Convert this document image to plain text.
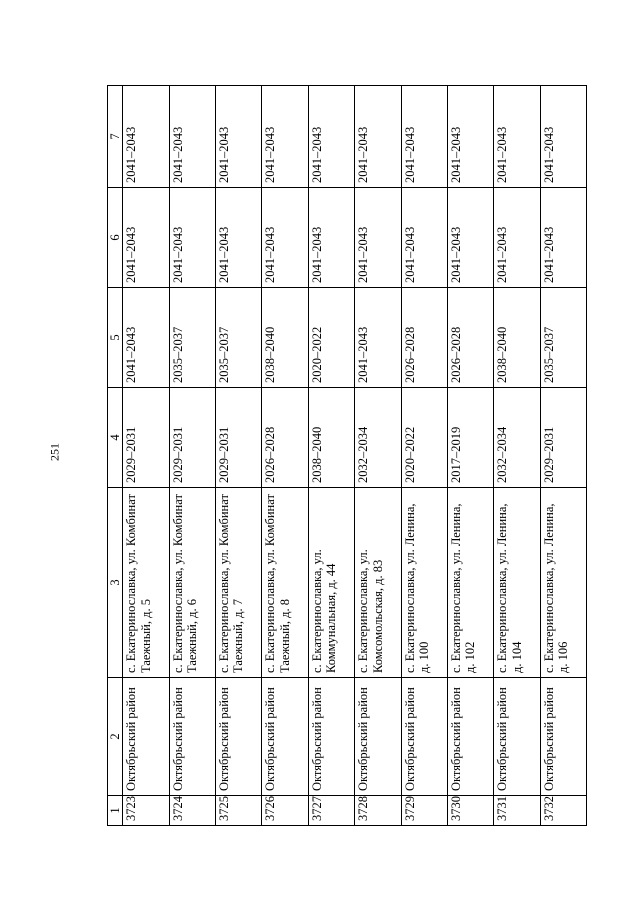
251
1	2	3	4	5	6	7
3723	Октябрьский район	с. Екатеринославка, ул. Комбинат Таежный, д. 5	2029–2031	2041–2043	2041–2043	2041–2043
3724	Октябрьский район	с. Екатеринославка, ул. Комбинат Таежный, д. 6	2029–2031	2035–2037	2041–2043	2041–2043
3725	Октябрьский район	с. Екатеринославка, ул. Комбинат Таежный, д. 7	2029–2031	2035–2037	2041–2043	2041–2043
3726	Октябрьский район	с. Екатеринославка, ул. Комбинат Таежный, д. 8	2026–2028	2038–2040	2041–2043	2041–2043
3727	Октябрьский район	с. Екатеринославка, ул. Коммунальная, д. 44	2038–2040	2020–2022	2041–2043	2041–2043
3728	Октябрьский район	с. Екатеринославка, ул. Комсомольская, д. 83	2032–2034	2041–2043	2041–2043	2041–2043
3729	Октябрьский район	с. Екатеринославка, ул. Ленина, д. 100	2020–2022	2026–2028	2041–2043	2041–2043
3730	Октябрьский район	с. Екатеринославка, ул. Ленина, д. 102	2017–2019	2026–2028	2041–2043	2041–2043
3731	Октябрьский район	с. Екатеринославка, ул. Ленина, д. 104	2032–2034	2038–2040	2041–2043	2041–2043
3732	Октябрьский район	с. Екатеринославка, ул. Ленина, д. 106	2029–2031	2035–2037	2041–2043	2041–2043
